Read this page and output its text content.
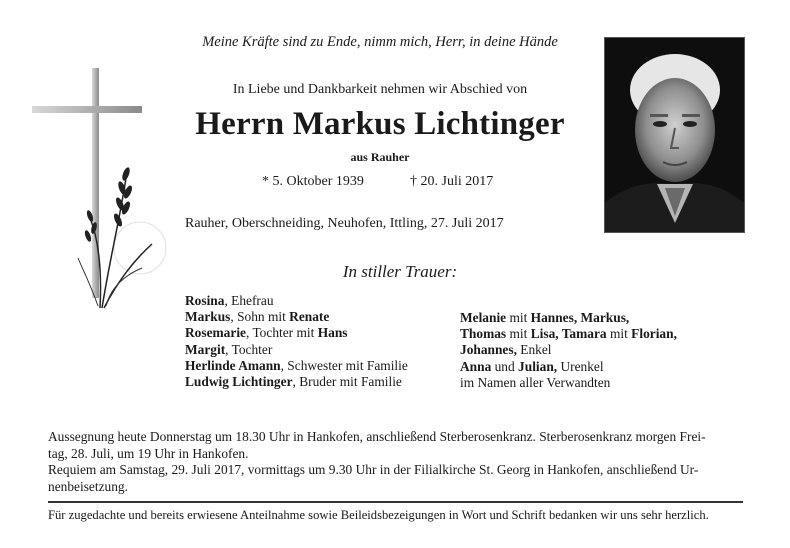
Meine Kräfte sind zu Ende, nimm mich, Herr, in deine Hände
In Liebe und Dankbarkeit nehmen wir Abschied von
Herrn Markus Lichtinger
aus Rauher
* 5. Oktober 1939	† 20. Juli 2017
Rauher, Oberschneiding, Neuhofen, Ittling, 27. Juli 2017
In stiller Trauer:
Rosina, Ehefrau
Markus, Sohn mit Renate
Rosemarie, Tochter mit Hans
Margit, Tochter
Herlinde Amann, Schwester mit Familie
Ludwig Lichtinger, Bruder mit Familie
Melanie mit Hannes, Markus,
Thomas mit Lisa, Tamara mit Florian,
Johannes, Enkel
Anna und Julian, Urenkel
im Namen aller Verwandten
Aussegnung heute Donnerstag um 18.30 Uhr in Hankofen, anschließend Sterberosenkranz. Sterberosenkranz morgen Frei-
tag, 28. Juli, um 19 Uhr in Hankofen.
Requiem am Samstag, 29. Juli 2017, vormittags um 9.30 Uhr in der Filialkirche St. Georg in Hankofen, anschließend Ur-
nenbeisetzung.
Für zugedachte und bereits erwiesene Anteilnahme sowie Beileidsbezeigungen in Wort und Schrift bedanken wir uns sehr herzlich.
